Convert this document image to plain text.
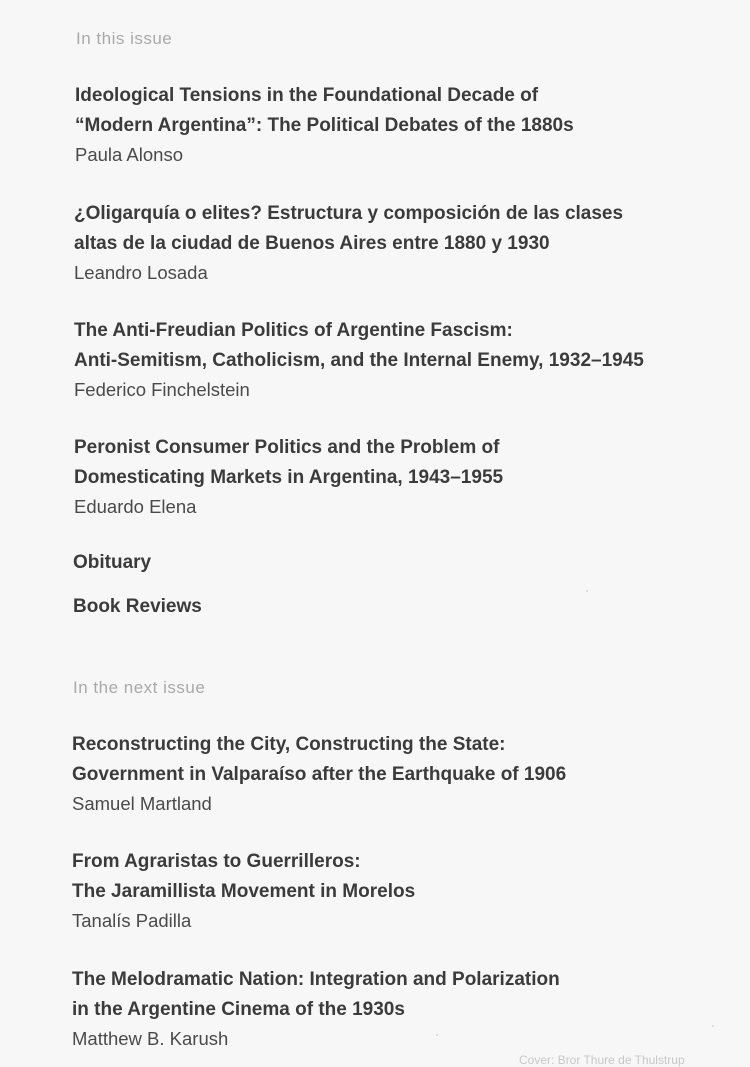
In this issue

Ideological Tensions in the Foundational Decade of
“Modern Argentina”: The Political Debates of the 1880s

Paula Alonso

¿Oligarquía o elites? Estructura y composición de las clases
altas de la ciudad de Buenos Aires entre 1880 y 1930

Leandro Losada

The Anti-Freudian Politics of Argentine Fascism:
Anti-Semitism, Catholicism, and the Internal Enemy, 1932–1945

Federico Finchelstein

Peronist Consumer Politics and the Problem of
Domesticating Markets in Argentina, 1943–1955

Eduardo Elena

Obituary

Book Reviews

In the next issue

Reconstructing the City, Constructing the State:
Government in Valparaíso after the Earthquake of 1906

Samuel Martland

From Agraristas to Guerrilleros:
The Jaramillista Movement in Morelos

Tanalís Padilla

The Melodramatic Nation: Integration and Polarization
in the Argentine Cinema of the 1930s

Matthew B. Karush

Cover: Bror Thure de Thulstrup
